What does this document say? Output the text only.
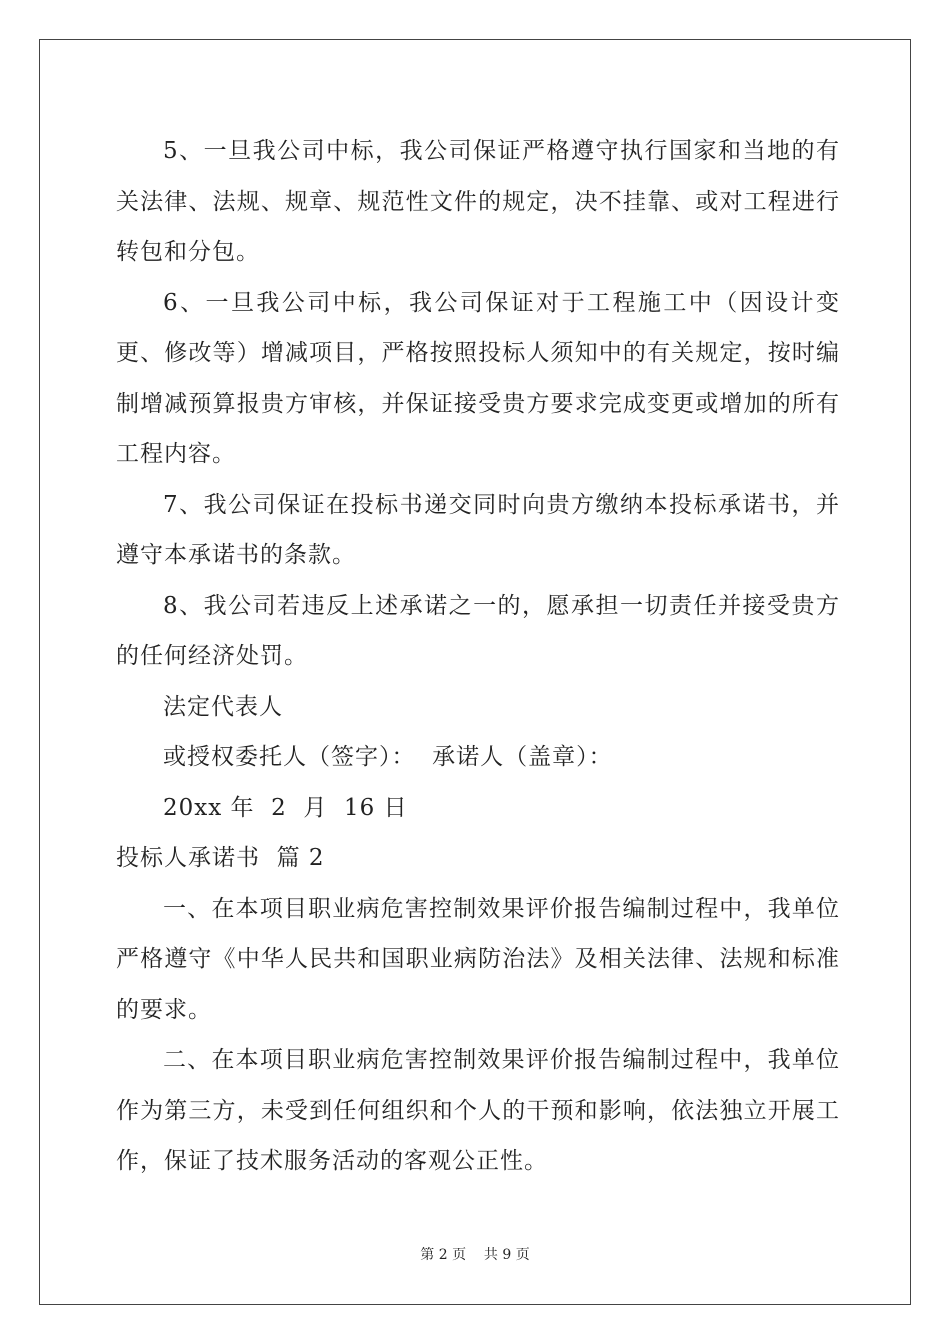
5、一旦我公司中标，我公司保证严格遵守执行国家和当地的有关法律、法规、规章、规范性文件的规定，决不挂靠、或对工程进行转包和分包。
6、一旦我公司中标，我公司保证对于工程施工中（因设计变更、修改等）增减项目，严格按照投标人须知中的有关规定，按时编制增减预算报贵方审核，并保证接受贵方要求完成变更或增加的所有工程内容。
7、我公司保证在投标书递交同时向贵方缴纳本投标承诺书，并遵守本承诺书的条款。
8、我公司若违反上述承诺之一的，愿承担一切责任并接受贵方的任何经济处罚。
法定代表人
或授权委托人（签字）：  承诺人（盖章）：
20xx 年  2  月  16 日
投标人承诺书  篇 2
一、在本项目职业病危害控制效果评价报告编制过程中，我单位严格遵守《中华人民共和国职业病防治法》及相关法律、法规和标准的要求。
二、在本项目职业病危害控制效果评价报告编制过程中，我单位作为第三方，未受到任何组织和个人的干预和影响，依法独立开展工作，保证了技术服务活动的客观公正性。
第 2 页    共 9 页
